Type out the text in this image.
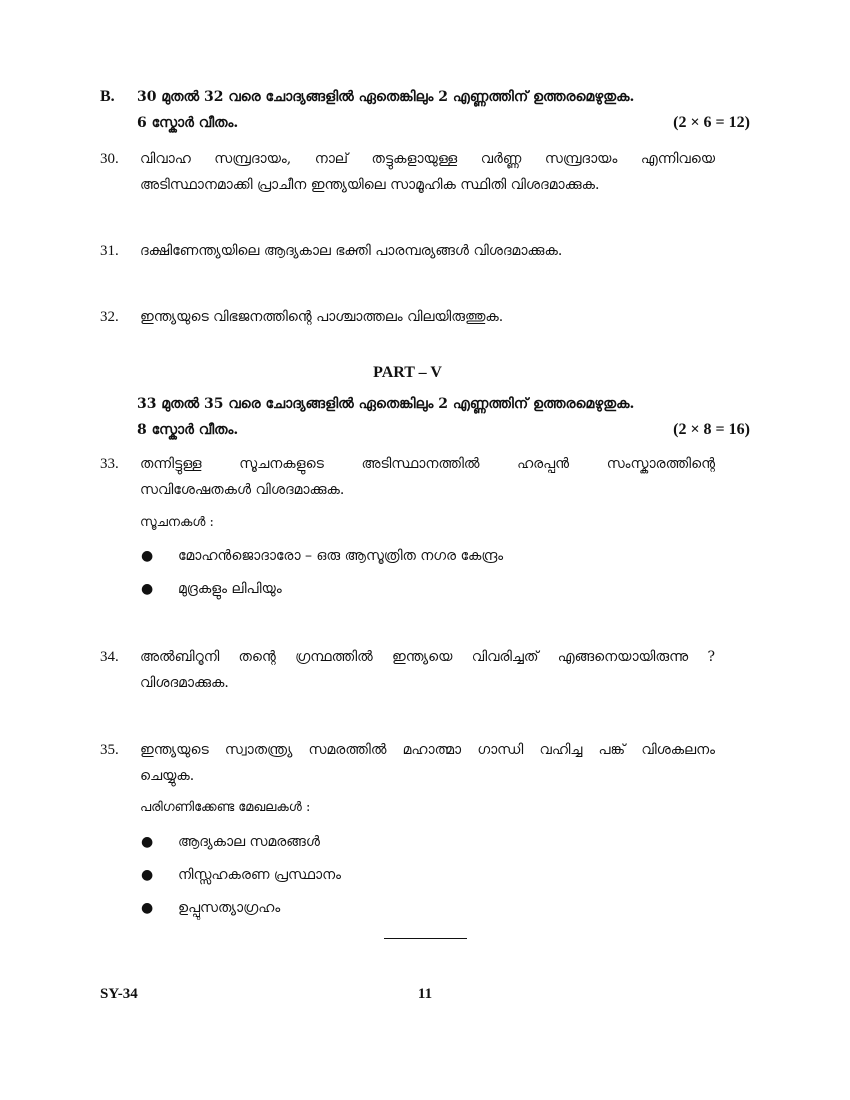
B. 30 മുതൽ 32 വരെ ചോദ്യങ്ങളിൽ ഏതെങ്കിലും 2 എണ്ണത്തിന് ഉത്തരമെഴുതുക.
6 സ്കോർ വീതം.	(2 × 6 = 12)
30. വിവാഹ സമ്പ്രദായം, നാല് തട്ടുകളായുള്ള വർണ്ണ സമ്പ്രദായം എന്നിവയെ
അടിസ്ഥാനമാക്കി പ്രാചീന ഇന്ത്യയിലെ സാമൂഹിക സ്ഥിതി വിശദമാക്കുക.
31. ദക്ഷിണേന്ത്യയിലെ ആദ്യകാല ഭക്തി പാരമ്പര്യങ്ങൾ വിശദമാക്കുക.
32. ഇന്ത്യയുടെ വിഭജനത്തിന്റെ പാശ്ചാത്തലം വിലയിരുത്തുക.
PART – V
33 മുതൽ 35 വരെ ചോദ്യങ്ങളിൽ ഏതെങ്കിലും 2 എണ്ണത്തിന് ഉത്തരമെഴുതുക.
8 സ്കോർ വീതം.	(2 × 8 = 16)
33. തന്നിട്ടുള്ള സൂചനകളുടെ അടിസ്ഥാനത്തിൽ ഹരപ്പൻ സംസ്കാരത്തിന്റെ
സവിശേഷതകൾ വിശദമാക്കുക.
സൂചനകൾ :
● മോഹൻജൊദാരോ – ഒരു ആസൂത്രിത നഗര കേന്ദ്രം
● മുദ്രകളും ലിപിയും
34. അൽബിറൂനി തന്റെ ഗ്രന്ഥത്തിൽ ഇന്ത്യയെ വിവരിച്ചത് എങ്ങനെയായിരുന്നു ?
വിശദമാക്കുക.
35. ഇന്ത്യയുടെ സ്വാതന്ത്ര്യ സമരത്തിൽ മഹാത്മാ ഗാന്ധി വഹിച്ച പങ്ക് വിശകലനം
ചെയ്യുക.
പരിഗണിക്കേണ്ട മേഖലകൾ :
● ആദ്യകാല സമരങ്ങൾ
● നിസ്സഹകരണ പ്രസ്ഥാനം
● ഉപ്പുസത്യാഗ്രഹം
SY-34	11
